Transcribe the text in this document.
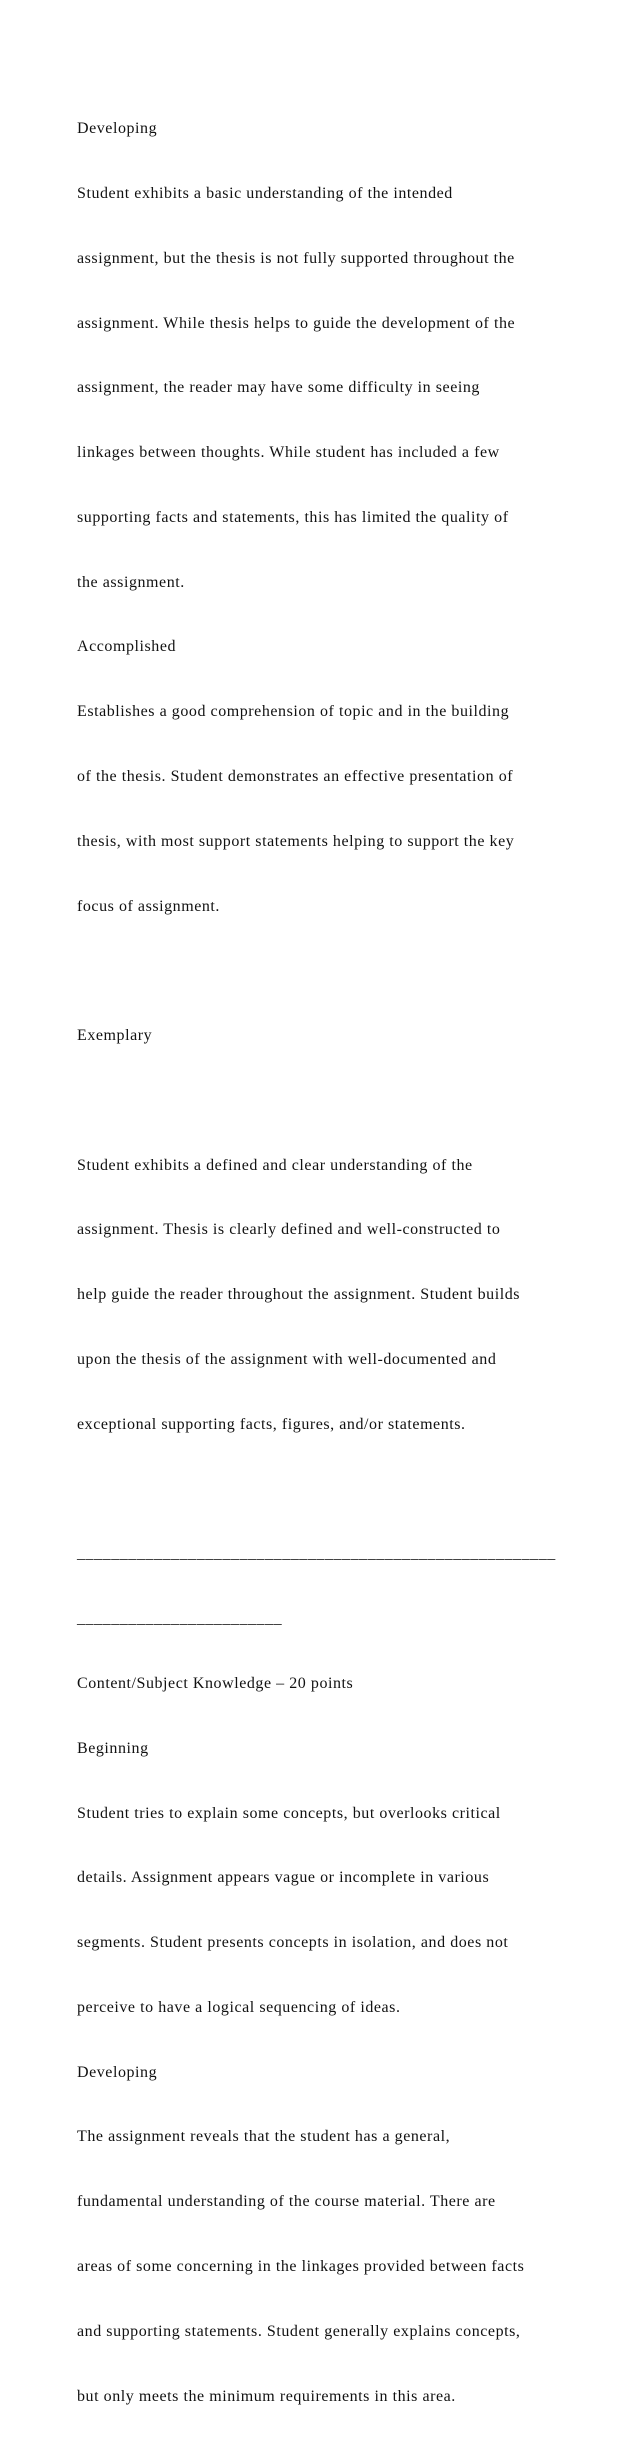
Developing

Student exhibits a basic understanding of the intended

assignment, but the thesis is not fully supported throughout the

assignment. While thesis helps to guide the development of the

assignment, the reader may have some difficulty in seeing

linkages between thoughts. While student has included a few

supporting facts and statements, this has limited the quality of

the assignment.

Accomplished

Establishes a good comprehension of topic and in the building

of the thesis. Student demonstrates an effective presentation of

thesis, with most support statements helping to support the key

focus of assignment.

Exemplary

Student exhibits a defined and clear understanding of the

assignment. Thesis is clearly defined and well-constructed to

help guide the reader throughout the assignment. Student builds

upon the thesis of the assignment with well-documented and

exceptional supporting facts, figures, and/or statements.

________________________________________________________

________________________

Content/Subject Knowledge – 20 points

Beginning

Student tries to explain some concepts, but overlooks critical

details. Assignment appears vague or incomplete in various

segments. Student presents concepts in isolation, and does not

perceive to have a logical sequencing of ideas.

Developing

The assignment reveals that the student has a general,

fundamental understanding of the course material. There are

areas of some concerning in the linkages provided between facts

and supporting statements. Student generally explains concepts,

but only meets the minimum requirements in this area.
